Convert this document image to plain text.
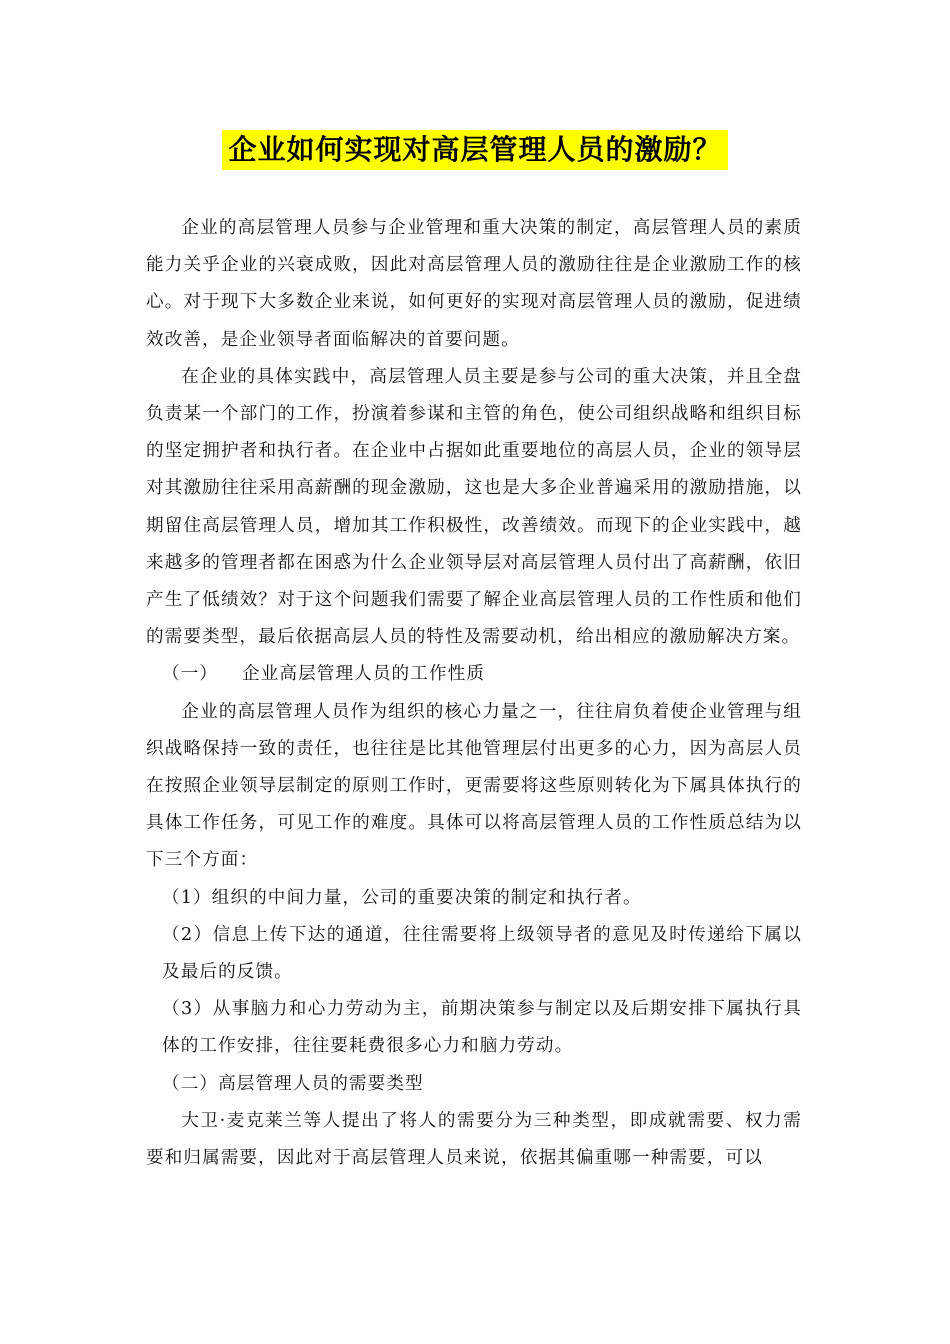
企业如何实现对高层管理人员的激励？

企业的高层管理人员参与企业管理和重大决策的制定，高层管理人员的素质能力关乎企业的兴衰成败，因此对高层管理人员的激励往往是企业激励工作的核心。对于现下大多数企业来说，如何更好的实现对高层管理人员的激励，促进绩效改善，是企业领导者面临解决的首要问题。

在企业的具体实践中，高层管理人员主要是参与公司的重大决策，并且全盘负责某一个部门的工作，扮演着参谋和主管的角色，使公司组织战略和组织目标的坚定拥护者和执行者。在企业中占据如此重要地位的高层人员，企业的领导层对其激励往往采用高薪酬的现金激励，这也是大多企业普遍采用的激励措施，以期留住高层管理人员，增加其工作积极性，改善绩效。而现下的企业实践中，越来越多的管理者都在困惑为什么企业领导层对高层管理人员付出了高薪酬，依旧产生了低绩效？对于这个问题我们需要了解企业高层管理人员的工作性质和他们的需要类型，最后依据高层人员的特性及需要动机，给出相应的激励解决方案。

（一） 企业高层管理人员的工作性质

企业的高层管理人员作为组织的核心力量之一，往往肩负着使企业管理与组织战略保持一致的责任，也往往是比其他管理层付出更多的心力，因为高层人员在按照企业领导层制定的原则工作时，更需要将这些原则转化为下属具体执行的具体工作任务，可见工作的难度。具体可以将高层管理人员的工作性质总结为以下三个方面：

（1）组织的中间力量，公司的重要决策的制定和执行者。

（2）信息上传下达的通道，往往需要将上级领导者的意见及时传递给下属以及最后的反馈。

（3）从事脑力和心力劳动为主，前期决策参与制定以及后期安排下属执行具体的工作安排，往往要耗费很多心力和脑力劳动。

（二）高层管理人员的需要类型

大卫·麦克莱兰等人提出了将人的需要分为三种类型，即成就需要、权力需要和归属需要，因此对于高层管理人员来说，依据其偏重哪一种需要，可以
